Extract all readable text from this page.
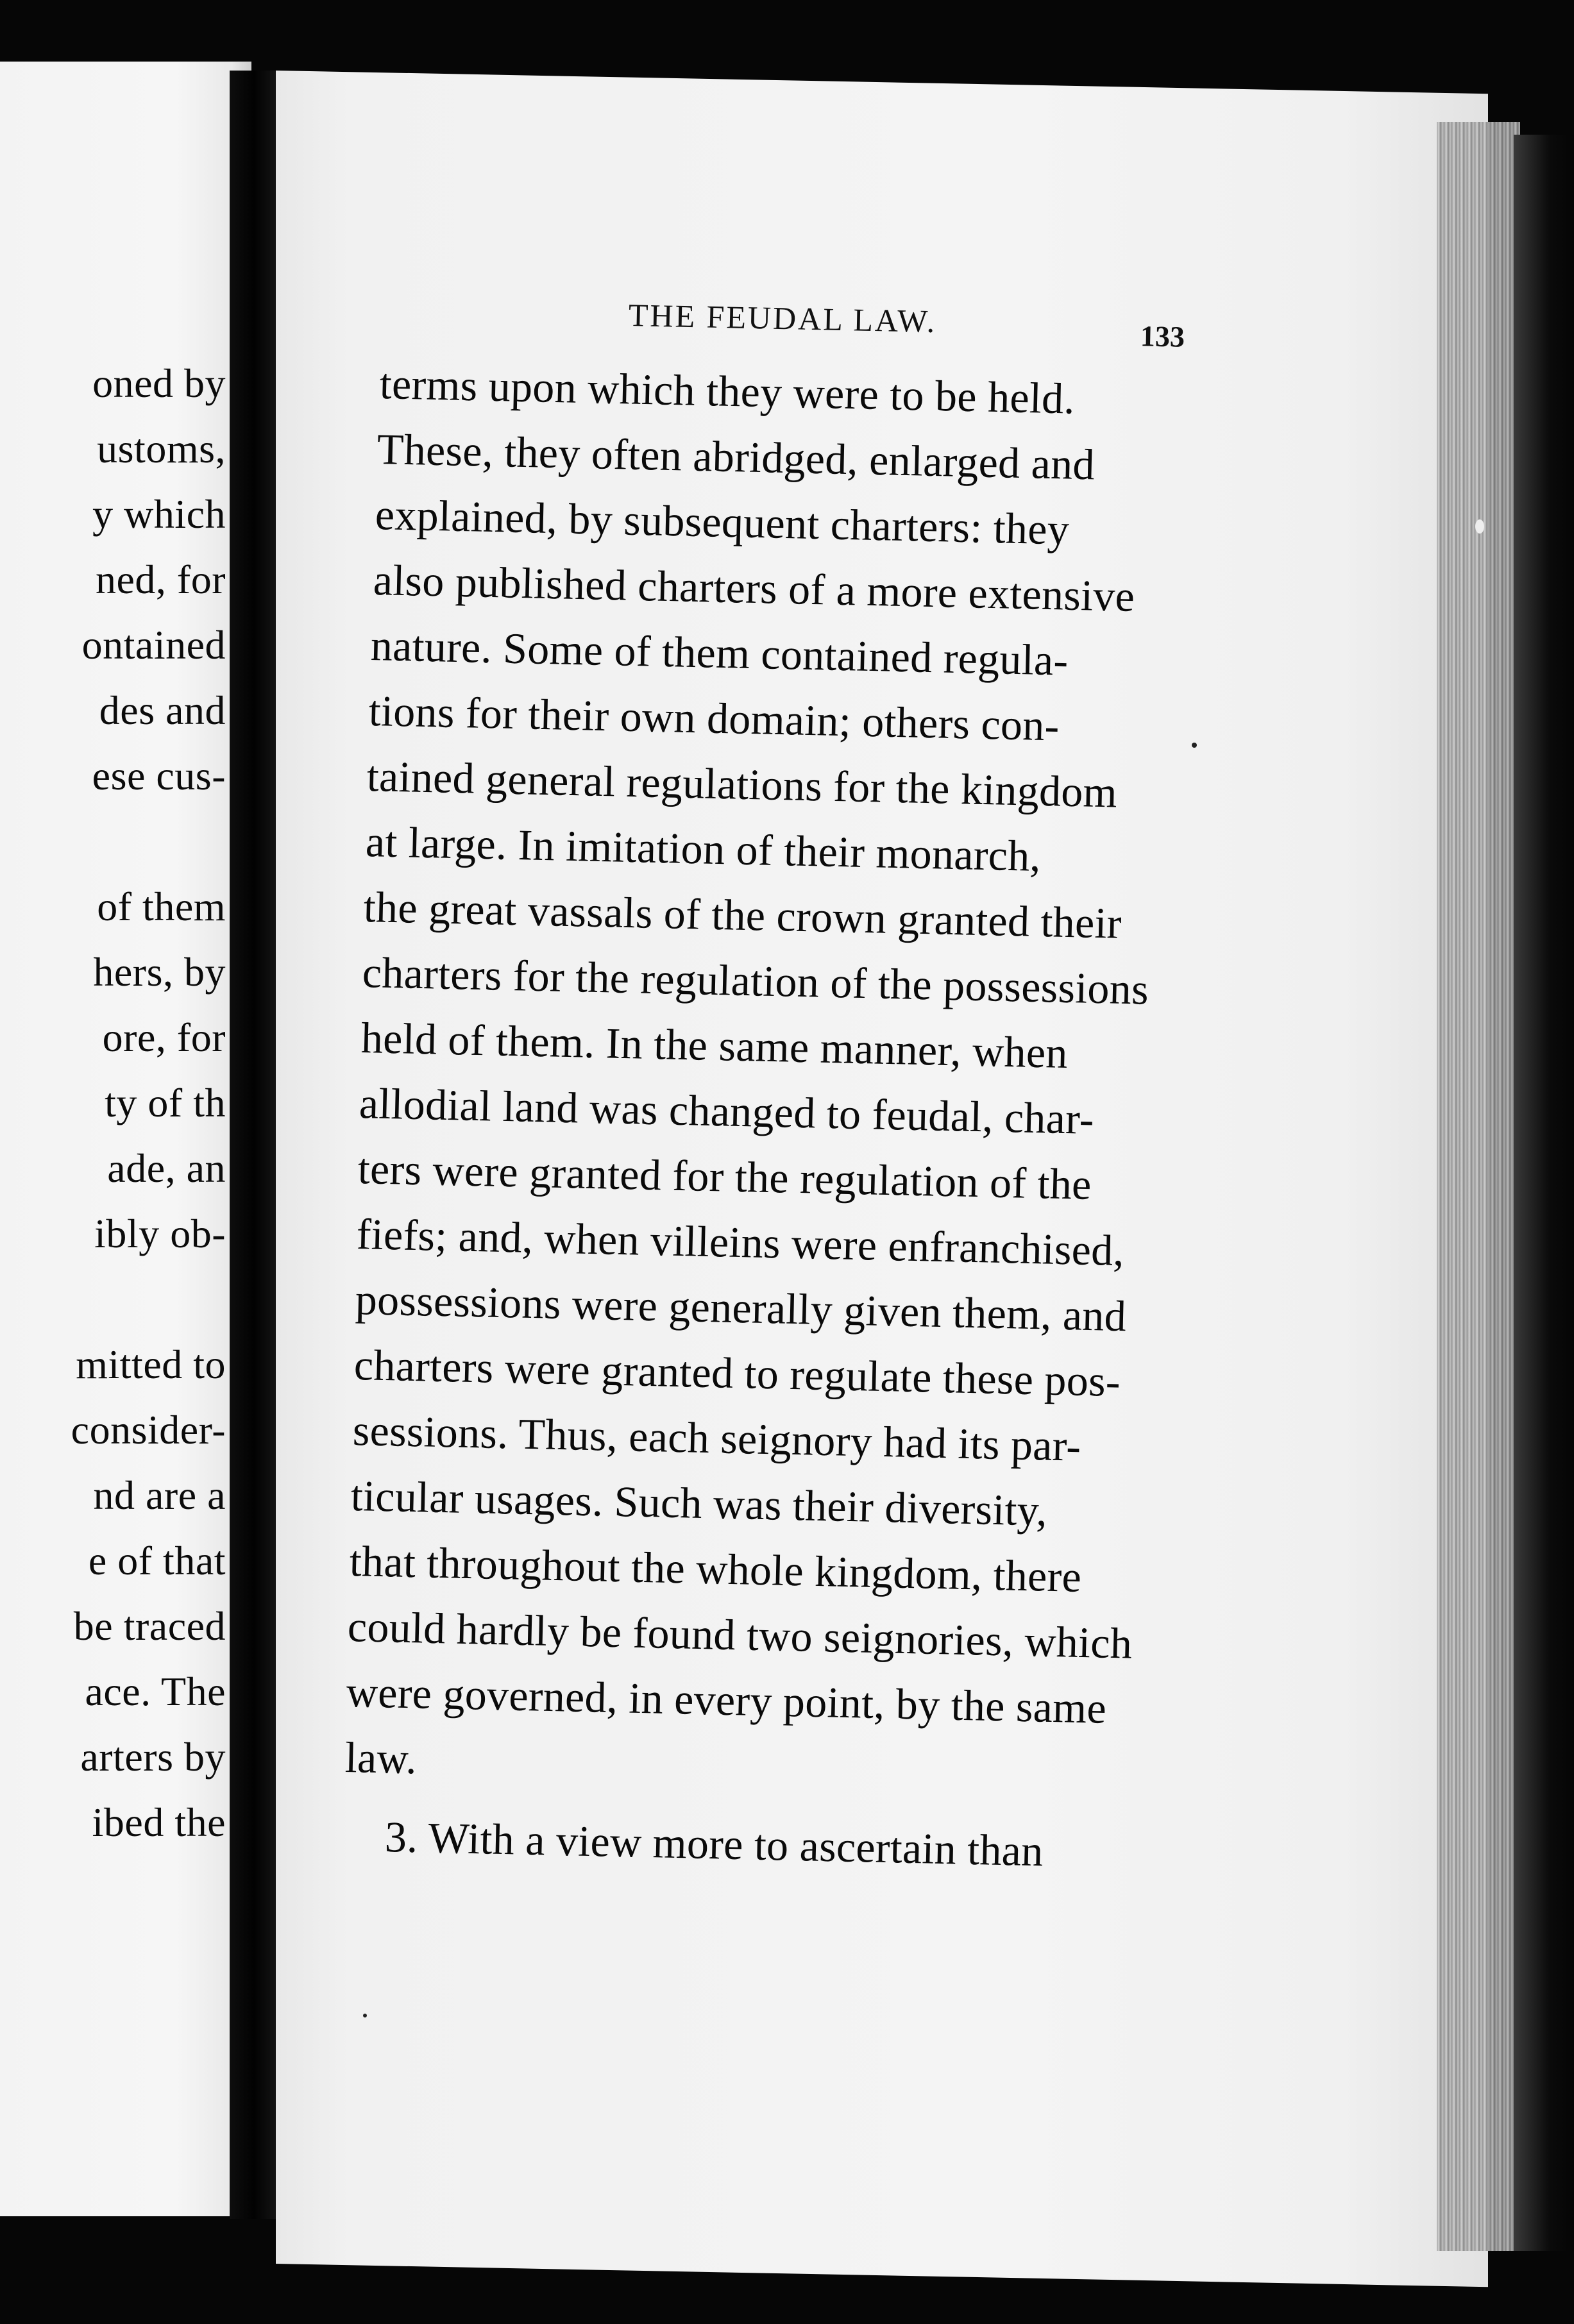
oned by
ustoms,
y which
ned, for
ontained
des and
ese cus-
of them
hers, by
ore, for
ty of th
ade, an
ibly ob-
mitted to
consider-
nd are a
e of that
be traced
ace. The
arters by
ibed the
THE FEUDAL LAW.	133
terms upon which they were to be held.
These, they often abridged, enlarged and
explained, by subsequent charters: they
also published charters of a more extensive
nature. Some of them contained regula-
tions for their own domain; others con-
tained general regulations for the kingdom
at large. In imitation of their monarch,
the great vassals of the crown granted their
charters for the regulation of the possessions
held of them. In the same manner, when
allodial land was changed to feudal, char-
ters were granted for the regulation of the
fiefs; and, when villeins were enfranchised,
possessions were generally given them, and
charters were granted to regulate these pos-
sessions. Thus, each seignory had its par-
ticular usages. Such was their diversity,
that throughout the whole kingdom, there
could hardly be found two seignories, which
were governed, in every point, by the same
law.
3. With a view more to ascertain than
